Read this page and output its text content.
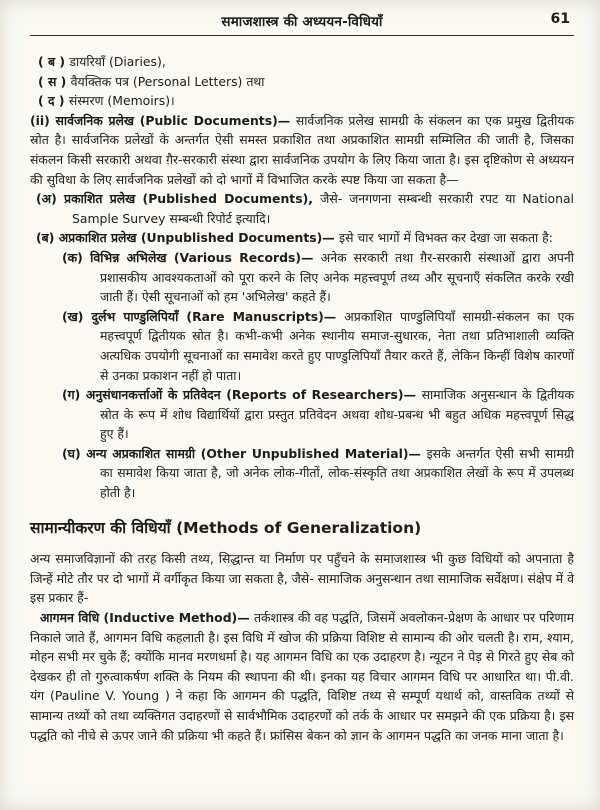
समाजशास्त्र की अध्ययन-विधियाँ	61

( ब ) डायरियाँ (Diaries),

( स ) वैयक्तिक पत्र (Personal Letters) तथा

( द ) संस्मरण (Memoirs)।

(ii) सार्वजनिक प्रलेख (Public Documents)— सार्वजनिक प्रलेख सामग्री के संकलन का एक प्रमुख द्वितीयक स्रोत है। सार्वजनिक प्रलेखों के अन्तर्गत ऐसी समस्त प्रकाशित तथा अप्रकाशित सामग्री सम्मिलित की जाती है, जिसका संकलन किसी सरकारी अथवा ग़ैर-सरकारी संस्था द्वारा सार्वजनिक उपयोग के लिए किया जाता है। इस दृष्टिकोण से अध्ययन की सुविधा के लिए सार्वजनिक प्रलेखों को दो भागों में विभाजित करके स्पष्ट किया जा सकता है—

(अ) प्रकाशित प्रलेख (Published Documents), जैसे- जनगणना सम्बन्धी सरकारी रपट या National Sample Survey सम्बन्धी रिपोर्ट इत्यादि।

(ब) अप्रकाशित प्रलेख (Unpublished Documents)— इसे चार भागों में विभक्त कर देखा जा सकता है:

(क) विभिन्न अभिलेख (Various Records)— अनेक सरकारी तथा ग़ैर-सरकारी संस्थाओं द्वारा अपनी प्रशासकीय आवश्यकताओं को पूरा करने के लिए अनेक महत्त्वपूर्ण तथ्य और सूचनाएँ संकलित करके रखी जाती हैं। ऐसी सूचनाओं को हम 'अभिलेख' कहते हैं।

(ख) दुर्लभ पाण्डुलिपियाँ (Rare Manuscripts)— अप्रकाशित पाण्डुलिपियाँ सामग्री-संकलन का एक महत्त्वपूर्ण द्वितीयक स्रोत है। कभी-कभी अनेक स्थानीय समाज-सुधारक, नेता तथा प्रतिभाशाली व्यक्ति अत्यधिक उपयोगी सूचनाओं का समावेश करते हुए पाण्डुलिपियाँ तैयार करते हैं, लेकिन किन्हीं विशेष कारणों से उनका प्रकाशन नहीं हो पाता।

(ग) अनुसंधानकर्त्ताओं के प्रतिवेदन (Reports of Researchers)— सामाजिक अनुसन्धान के द्वितीयक स्रोत के रूप में शोध विद्यार्थियों द्वारा प्रस्तुत प्रतिवेदन अथवा शोध-प्रबन्ध भी बहुत अधिक महत्त्वपूर्ण सिद्ध हुए हैं।

(घ) अन्य अप्रकाशित सामग्री (Other Unpublished Material)— इसके अन्तर्गत ऐसी सभी सामग्री का समावेश किया जाता है, जो अनेक लोक-गीतों, लोक-संस्कृति तथा अप्रकाशित लेखों के रूप में उपलब्ध होती है।

सामान्यीकरण की विधियाँ (Methods of Generalization)

अन्य समाजविज्ञानों की तरह किसी तथ्य, सिद्धान्त या निर्माण पर पहुँचने के समाजशास्त्र भी कुछ विधियों को अपनाता है जिन्हें मोटे तौर पर दो भागों में वर्गीकृत किया जा सकता है, जैसे- सामाजिक अनुसन्धान तथा सामाजिक सर्वेक्षण। संक्षेप में वे इस प्रकार हैं-

आगमन विधि (Inductive Method)— तर्कशास्त्र की वह पद्धति, जिसमें अवलोकन-प्रेक्षण के आधार पर परिणाम निकाले जाते हैं, आगमन विधि कहलाती है। इस विधि में खोज की प्रक्रिया विशिष्ट से सामान्य की ओर चलती है। राम, श्याम, मोहन सभी मर चुके हैं; क्योंकि मानव मरणधर्मा है। यह आगमन विधि का एक उदाहरण है। न्यूटन ने पेड़ से गिरते हुए सेब को देखकर ही तो गुरुत्वाकर्षण शक्ति के नियम की स्थापना की थी। इनका यह विचार आगमन विधि पर आधारित था। पी.वी. यंग (Pauline V. Young ) ने कहा कि आगमन की पद्धति, विशिष्ट तथ्य से सम्पूर्ण यथार्थ को, वास्तविक तथ्यों से सामान्य तथ्यों को तथा व्यक्तिगत उदाहरणों से सार्वभौमिक उदाहरणों को तर्क के आधार पर समझने की एक प्रक्रिया है। इस पद्धति को नीचे से ऊपर जाने की प्रक्रिया भी कहते हैं। फ्रांसिस बेकन को ज्ञान के आगमन पद्धति का जनक माना जाता है।
